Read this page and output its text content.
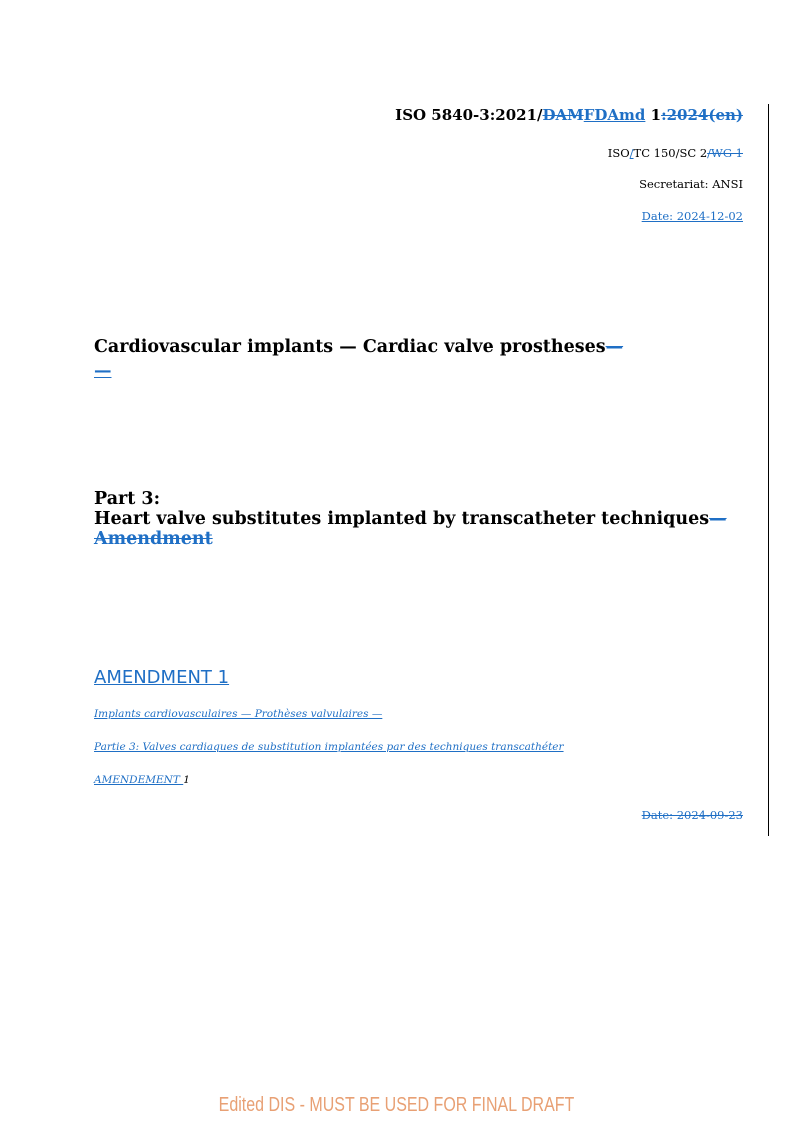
ISO 5840-3:2021/DAMFDAmd 1:2024(en)
ISO/TC 150/SC 2/WG 1
Secretariat: ANSI
Date: 2024-12-02
Cardiovascular implants — Cardiac valve prostheses—
—
Part 3:
Heart valve substitutes implanted by transcatheter techniques—
Amendment
AMENDMENT 1
Implants cardiovasculaires — Prothèses valvulaires —
Partie 3: Valves cardiaques de substitution implantées par des techniques transcathéter
AMENDEMENT 1
Date: 2024-09-23
Edited DIS - MUST BE USED FOR FINAL DRAFT
